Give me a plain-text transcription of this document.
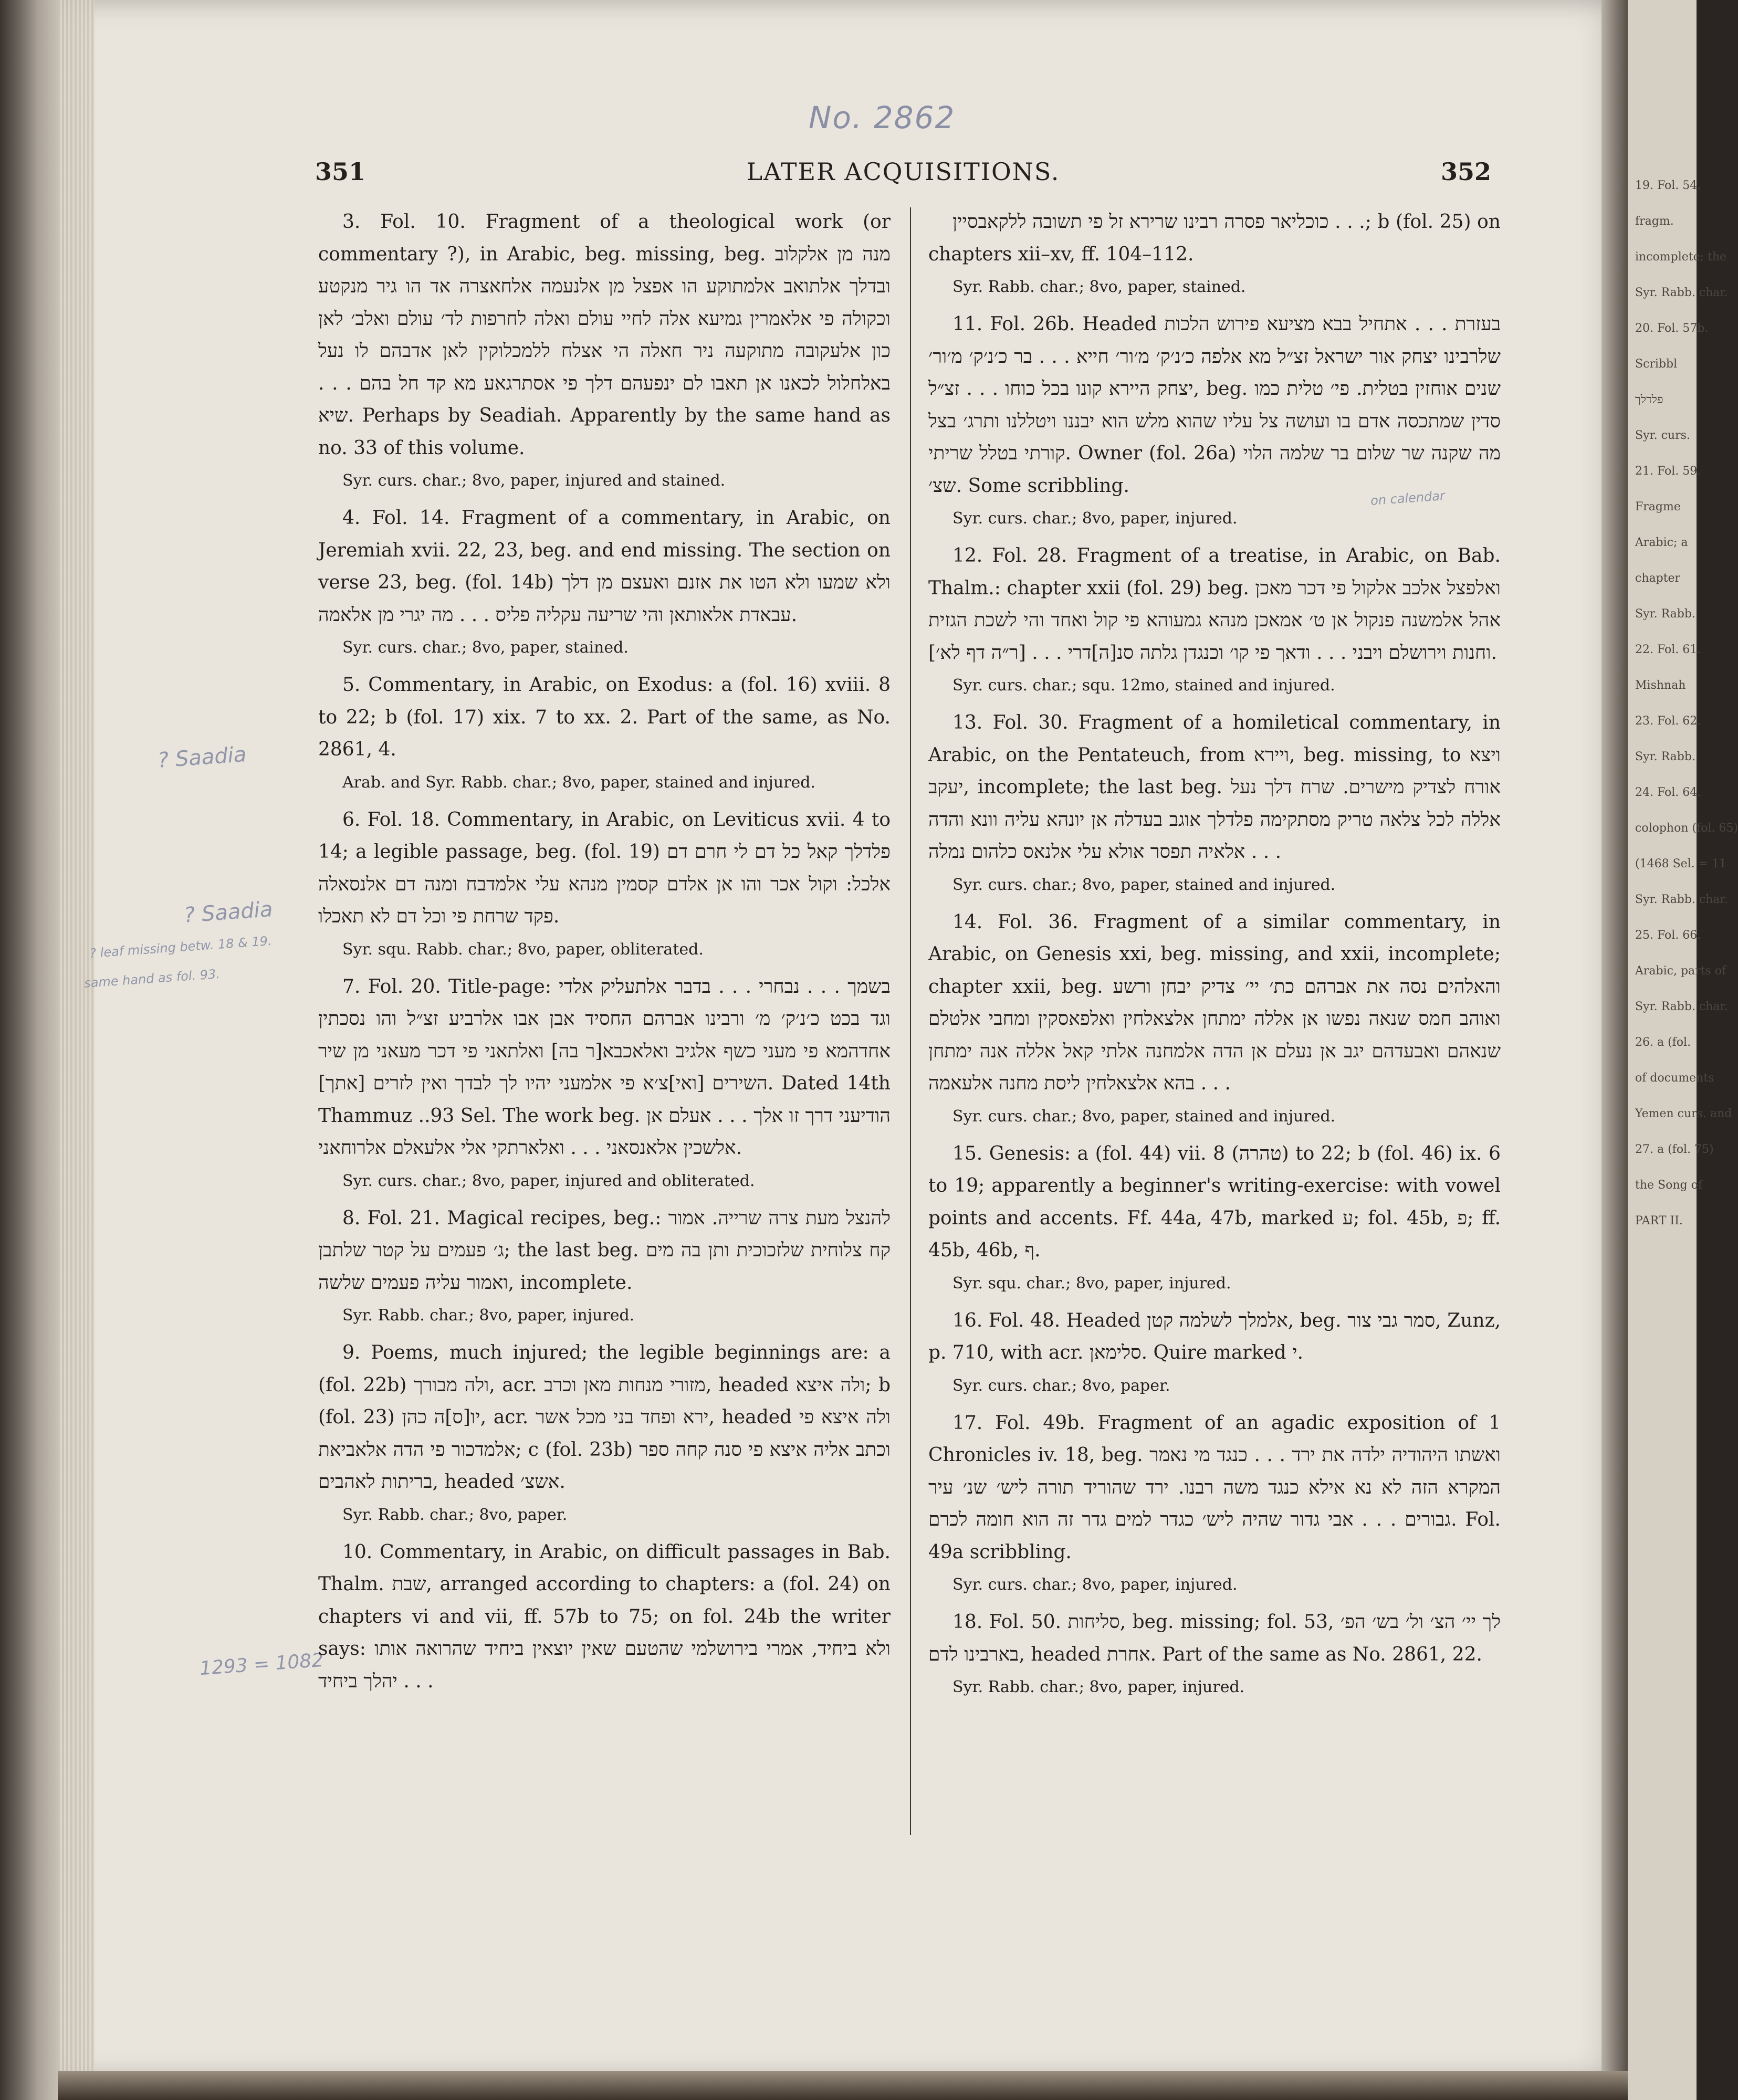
19. Fol. 54.
fragm.
incomplete; the
Syr. Rabb. char.
20. Fol. 57b.
Scribbl
פלדלך
Syr. curs.
21. Fol. 59.
Fragme
Arabic; a
chapter
Syr. Rabb.
22. Fol. 61.
Mishnah
23. Fol. 62.
Syr. Rabb.
24. Fol. 64.
colophon (fol. 65)
(1468 Sel. = 11
Syr. Rabb. char.
25. Fol. 66.
Arabic, parts of
Syr. Rabb. char.
26. a (fol.
of documents
Yemen curs. and
27. a (fol. 75)
the Song of
PART II.
No. 2862
351	LATER ACQUISITIONS.	352
? Saadia
? Saadia
? leaf missing betw. 18 & 19.
same hand as fol. 93.
1293 = 1082
on calendar

3. Fol. 10. Fragment of a theological work (or commentary ?), in Arabic, beg. missing, beg. מנה מן אלקלוב ובדלך אלתואב אלמתוקע הו אפצל מן אלנעמה אלחאצרה אד הו גיר מנקטע וכקולה פי אלאמרין גמיעא אלה לחיי עולם ואלה לחרפות לד׳ עולם ואלב׳ לאן כון אלעקובה מתוקעה ניר חאלה הי אצלח ללמכלוקין לאן אדבהם לו נעל באלחלול לכאנו אן תאבו לם ינפעהם דלך פי אסתרגאע מא קד חל בהם . . . שיא. Perhaps by Seadiah. Apparently by the same hand as no. 33 of this volume.

Syr. curs. char.; 8vo, paper, injured and stained.

4. Fol. 14. Fragment of a commentary, in Arabic, on Jeremiah xvii. 22, 23, beg. and end missing. The section on verse 23, beg. (fol. 14b) ולא שמעו ולא הטו את אזנם ואעצם מן דלך עבאדת אלאותאן והי שריעה עקליה פליס . . . מה יגרי מן אלאמה.

Syr. curs. char.; 8vo, paper, stained.

5. Commentary, in Arabic, on Exodus: a (fol. 16) xviii. 8 to 22; b (fol. 17) xix. 7 to xx. 2. Part of the same, as No. 2861, 4.

Arab. and Syr. Rabb. char.; 8vo, paper, stained and injured.

6. Fol. 18. Commentary, in Arabic, on Leviticus xvii. 4 to 14; a legible passage, beg. (fol. 19) פלדלך קאל כל דם לי חרם דם אלכל: וקול אכר והו אן אלדם קסמין מנהא עלי אלמדבח ומנה דם אלנסאלה פקד שרחת פי וכל דם לא תאכלו.

Syr. squ. Rabb. char.; 8vo, paper, obliterated.

7. Fol. 20. Title-page: בשמך . . . נבחרי . . . בדבר אלתעליק אלדי וגד בכט כ׳נ׳ק׳ מ׳ ורבינו אברהם החסיד אבן אבו אלרביע זצ״ל והו נסכתין אחדהמא פי מעני כשף אלגיב ואלאכבא[ר בה] ואלתאני פי דכר מעאני מן שיר השירים [ואי]צ׳א פי אלמעני יהיו לך לבדך ואין לזרים [אתך]. Dated 14th Thammuz ..93 Sel. The work beg. הודיעני דרך זו אלך . . . אעלם אן אלשכין אלאנסאני . . . ואלארתקי אלי אלעאלם אלרוחאני.

Syr. curs. char.; 8vo, paper, injured and obliterated.

8. Fol. 21. Magical recipes, beg.: להנצל מעת צרה שרייה. אמור ג׳ פעמים על קטר שלתבן; the last beg. קח צלוחית שלזכוכית ותן בה מים ואמור עליה פעמים שלשה, incomplete.

Syr. Rabb. char.; 8vo, paper, injured.

9. Poems, much injured; the legible beginnings are: a (fol. 22b) ולה מבורך, acr. מזורי מנחות מאן וכרב, headed ולה איצא; b (fol. 23) יו[ס]ה כהן, acr. ירא ופחד בני מכל אשר, headed ולה איצא פי אלמדכור פי הדה אלאביאת; c (fol. 23b) וכתב אליה איצא פי סנה קחה ספר בריתות לאהבים, headed אשצ׳.

Syr. Rabb. char.; 8vo, paper.

10. Commentary, in Arabic, on difficult passages in Bab. Thalm. שבת, arranged according to chapters: a (fol. 24) on chapters vi and vii, ff. 57b to 75; on fol. 24b the writer says: ולא ביחיד, אמרי בירושלמי שהטעם שאין יוצאין ביחיד שהרואה אותו יהלך ביחיד . . .

כוכליאר פסרה רבינו שרירא זל פי תשובה ללקאבסיין . . .; b (fol. 25) on chapters xii–xv, ff. 104–112.

Syr. Rabb. char.; 8vo, paper, stained.

11. Fol. 26b. Headed בעזרת . . . אתחיל בבא מציעא פירוש הלכות שלרבינו יצחק אור ישראל זצ״ל מא אלפה כ׳נ׳ק׳ מ׳ור׳ חייא . . . בר כ׳נ׳ק׳ מ׳ור׳ יצחק היירא קונו בכל כוחו . . . זצ״ל, beg. שנים אוחזין בטלית. פי׳ טלית כמו סדין שמתכסה אדם בו ועושה צל עליו שהוא מלש הוא יבננו ויטללנו ותרג׳ בצל קורתי בטלל שריתי. Owner (fol. 26a) מה שקנה שר שלום בר שלמה הלוי שצ׳. Some scribbling.

Syr. curs. char.; 8vo, paper, injured.

12. Fol. 28. Fragment of a treatise, in Arabic, on Bab. Thalm.: chapter xxii (fol. 29) beg. ואלפצל אלכב אלקול פי דכר מאכן אהל אלמשנה פנקול אן ט׳ אמאכן מנהא גמעוהא פי קול ואחד והי לשכת הגזית וחנות וירושלם ויבני . . . ודאך פי קו׳ וכנגדן גלתה סנ[ה]דרי . . . [ר״ה דף לא׳].

Syr. curs. char.; squ. 12mo, stained and injured.

13. Fol. 30. Fragment of a homiletical commentary, in Arabic, on the Pentateuch, from ויירא, beg. missing, to ויצא יעקב, incomplete; the last beg. אורח לצדיק מישרים. שרח דלך נעל אללה לכל צלאה טריק מסתקימה פלדלך אוגב בעדלה אן יונהא עליה וונא והדה אלאיה תפסר אולא עלי אלנאס כלהום נמלה . . .

Syr. curs. char.; 8vo, paper, stained and injured.

14. Fol. 36. Fragment of a similar commentary, in Arabic, on Genesis xxi, beg. missing, and xxii, incomplete; chapter xxii, beg. והאלהים נסה את אברהם כת׳ יי׳ צדיק יבחן ורשע ואוהב חמס שנאה נפשו אן אללה ימתחן אלצאלחין ואלפאסקין ומחבי אלטלם שנאהם ואבעדהם יגב אן נעלם אן הדה אלמחנה אלתי קאל אללה אנה ימתחן בהא אלצאלחין ליסת מחנה אלעאמה . . .

Syr. curs. char.; 8vo, paper, stained and injured.

15. Genesis: a (fol. 44) vii. 8 (טהרה) to 22; b (fol. 46) ix. 6 to 19; apparently a beginner's writing-exercise: with vowel points and accents. Ff. 44a, 47b, marked ע; fol. 45b, פ; ff. 45b, 46b, ף.

Syr. squ. char.; 8vo, paper, injured.

16. Fol. 48. Headed אלמלך לשלמה קטן, beg. סמר גבי צור, Zunz, p. 710, with acr. סלימאן. Quire marked י.

Syr. curs. char.; 8vo, paper.

17. Fol. 49b. Fragment of an agadic exposition of 1 Chronicles iv. 18, beg. ואשתו היהודיה ילדה את ירד . . . כנגד מי נאמר המקרא הזה לא נא אילא כנגד משה רבנו. ירד שהוריד תורה ליש׳ שנ׳ עיר גבורים . . . אבי גדור שהיה ליש׳ כגדר למים גדר זה הוא חומה לכרם. Fol. 49a scribbling.

Syr. curs. char.; 8vo, paper, injured.

18. Fol. 50. סליחות, beg. missing; fol. 53, לך יי׳ הצ׳ ול׳ בש׳ הפ׳ בארבינו לדם, headed אחרת. Part of the same as No. 2861, 22.

Syr. Rabb. char.; 8vo, paper, injured.
